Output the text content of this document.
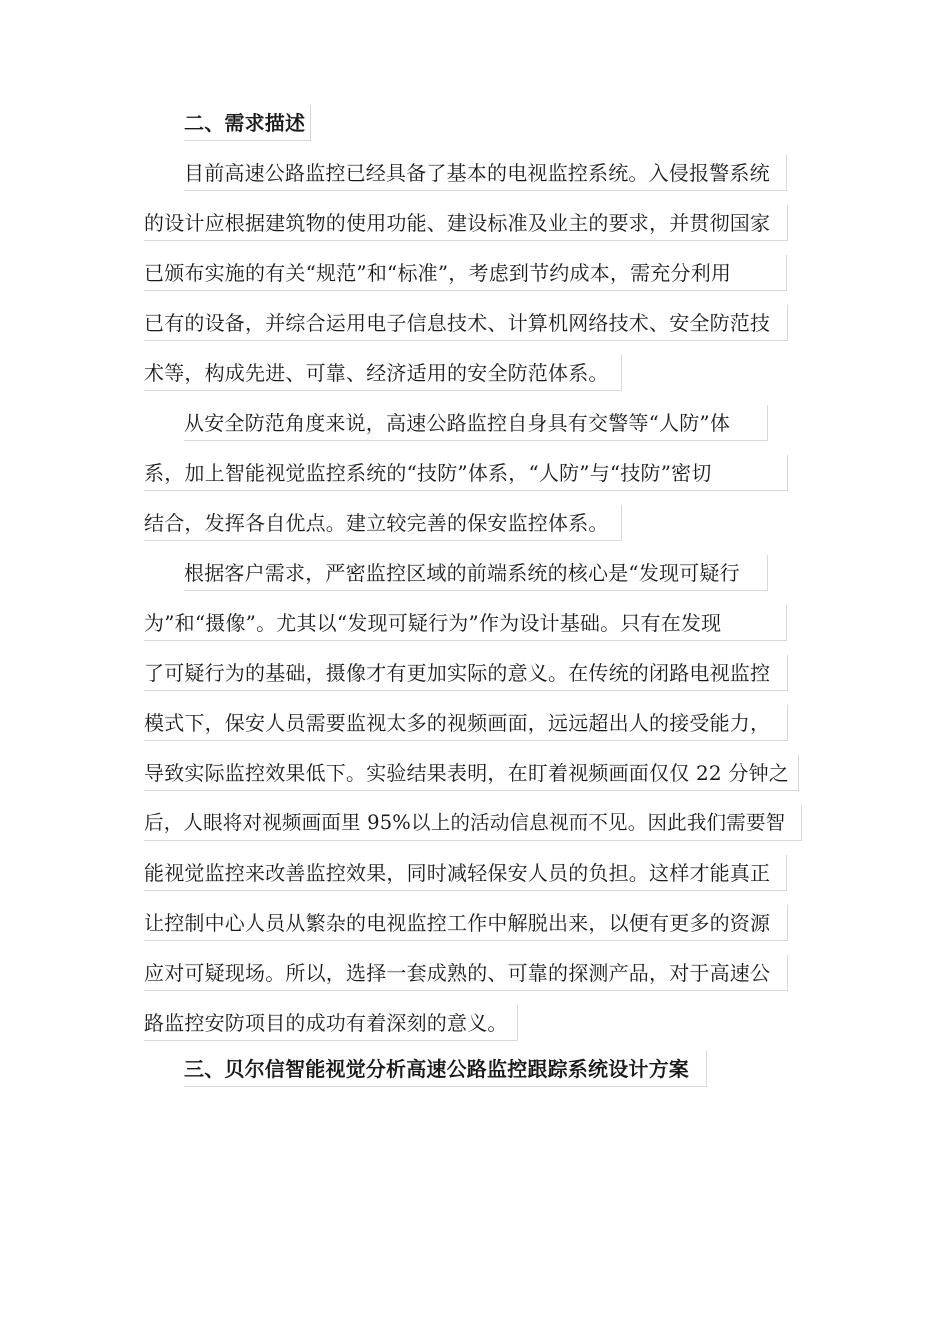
二、需求描述
目前高速公路监控已经具备了基本的电视监控系统。入侵报警系统
的设计应根据建筑物的使用功能、建设标准及业主的要求，并贯彻国家
已颁布实施的有关“规范”和“标准”，考虑到节约成本，需充分利用
已有的设备，并综合运用电子信息技术、计算机网络技术、安全防范技
术等，构成先进、可靠、经济适用的安全防范体系。
从安全防范角度来说，高速公路监控自身具有交警等“人防”体
系，加上智能视觉监控系统的“技防”体系，“人防”与“技防”密切
结合，发挥各自优点。建立较完善的保安监控体系。
根据客户需求，严密监控区域的前端系统的核心是“发现可疑行
为”和“摄像”。尤其以“发现可疑行为”作为设计基础。只有在发现
了可疑行为的基础，摄像才有更加实际的意义。在传统的闭路电视监控
模式下，保安人员需要监视太多的视频画面，远远超出人的接受能力，
导致实际监控效果低下。实验结果表明，在盯着视频画面仅仅 22 分钟之
后，人眼将对视频画面里 95%以上的活动信息视而不见。因此我们需要智
能视觉监控来改善监控效果，同时减轻保安人员的负担。这样才能真正
让控制中心人员从繁杂的电视监控工作中解脱出来，以便有更多的资源
应对可疑现场。所以，选择一套成熟的、可靠的探测产品，对于高速公
路监控安防项目的成功有着深刻的意义。
三、贝尔信智能视觉分析高速公路监控跟踪系统设计方案
